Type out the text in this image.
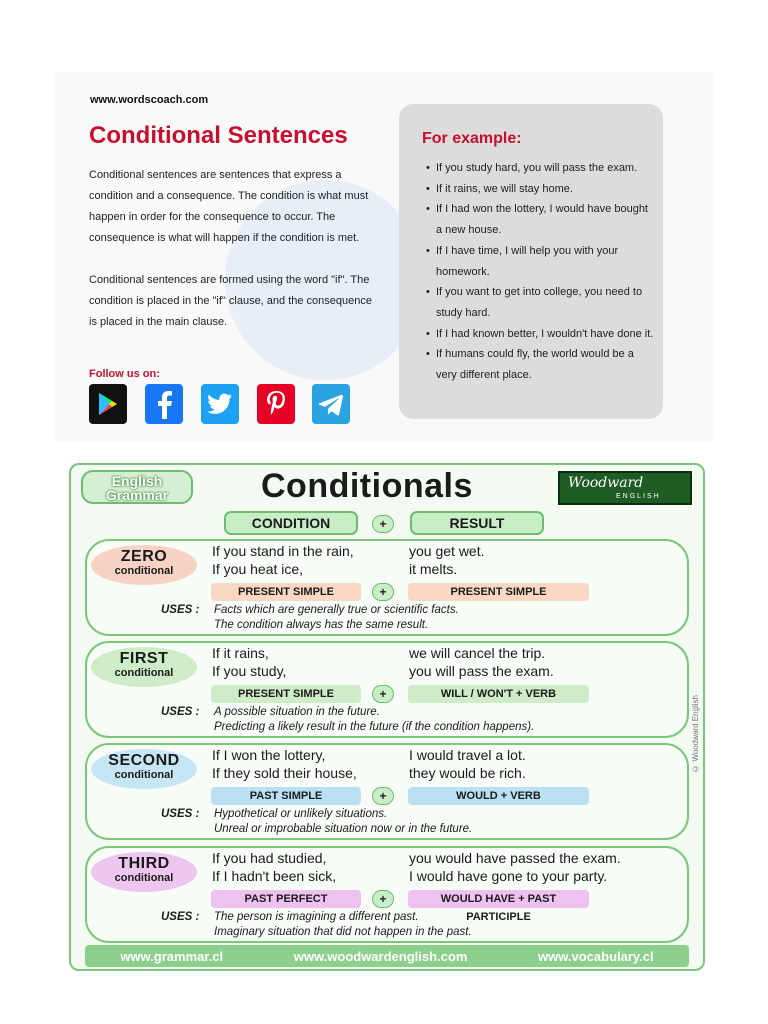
www.wordscoach.com
Conditional Sentences
Conditional sentences are sentences that express a condition and a consequence. The condition is what must happen in order for the consequence to occur. The consequence is what will happen if the condition is met.
Conditional sentences are formed using the word "if". The condition is placed in the "if" clause, and the consequence is placed in the main clause.
Follow us on:
For example:
• If you study hard, you will pass the exam.
• If it rains, we will stay home.
• If I had won the lottery, I would have bought a new house.
• If I have time, I will help you with your homework.
• If you want to get into college, you need to study hard.
• If I had known better, I wouldn't have done it.
• If humans could fly, the world would be a very different place.
English
Grammar	Conditionals	Woodward
ENGLISH
CONDITION	+	RESULT
ZERO
conditional
If you stand in the rain,	you get wet.
If you heat ice,	it melts.
PRESENT SIMPLE	+	PRESENT SIMPLE
USES : Facts which are generally true or scientific facts.
The condition always has the same result.
FIRST
conditional
If it rains,	we will cancel the trip.
If you study,	you will pass the exam.
PRESENT SIMPLE	+	WILL / WON'T + VERB
USES : A possible situation in the future.
Predicting a likely result in the future (if the condition happens).
SECOND
conditional
If I won the lottery,	I would travel a lot.
If they sold their house,	they would be rich.
PAST SIMPLE	+	WOULD + VERB
USES : Hypothetical or unlikely situations.
Unreal or improbable situation now or in the future.
THIRD
conditional
If you had studied,	you would have passed the exam.
If I hadn't been sick,	I would have gone to your party.
PAST PERFECT	+	WOULD HAVE + PAST PARTICIPLE
USES : The person is imagining a different past.
Imaginary situation that did not happen in the past.
© Woodward English
www.grammar.cl	www.woodwardenglish.com	www.vocabulary.cl
